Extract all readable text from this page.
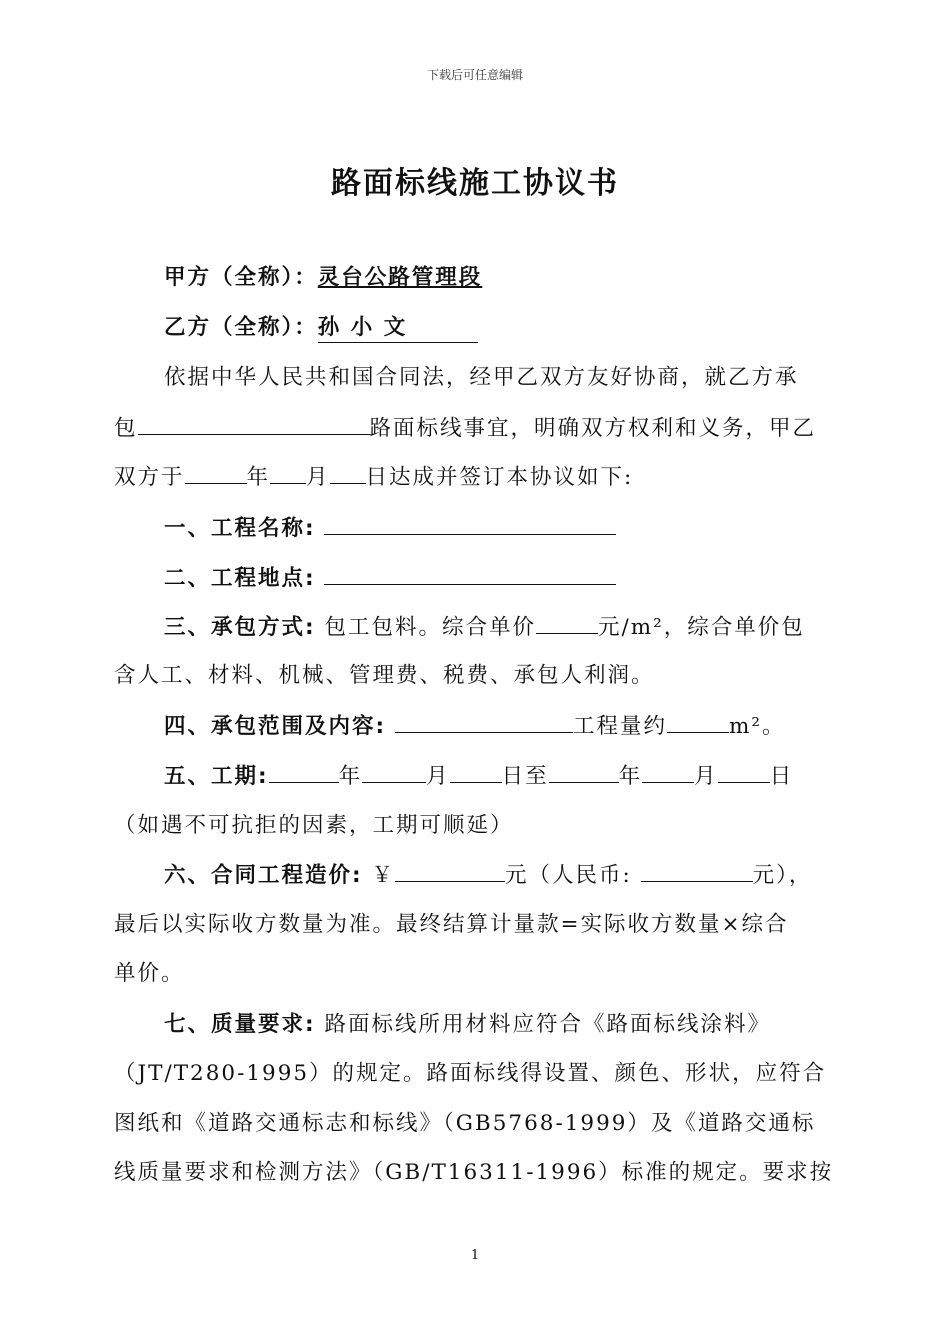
下载后可任意编辑
路面标线施工协议书
甲方（全称）：灵台公路管理段
乙方（全称）：孙 小 文
依据中华人民共和国合同法，经甲乙双方友好协商，就乙方承
包	路面标线事宜，明确双方权利和义务，甲乙
双方于	年 月 日达成并签订本协议如下:
一、工程名称:
二、工程地点:
三、承包方式: 包工包料。综合单价	元/m²，综合单价包
含人工、材料、机械、管理费、税费、承包人利润。
四、承包范围及内容:	工程量约	m²。
五、工期:	年	月 日至	年 月 日
（如遇不可抗拒的因素，工期可顺延）
六、合同工程造价: ￥	元（人民币:	元），
最后以实际收方数量为准。最终结算计量款=实际收方数量×综合
单价。
七、质量要求: 路面标线所用材料应符合《路面标线涂料》
（JT/T280-1995）的规定。路面标线得设置、颜色、形状，应符合
图纸和《道路交通标志和标线》（GB5768-1999）及《道路交通标
线质量要求和检测方法》（GB/T16311-1996）标准的规定。要求按
1
